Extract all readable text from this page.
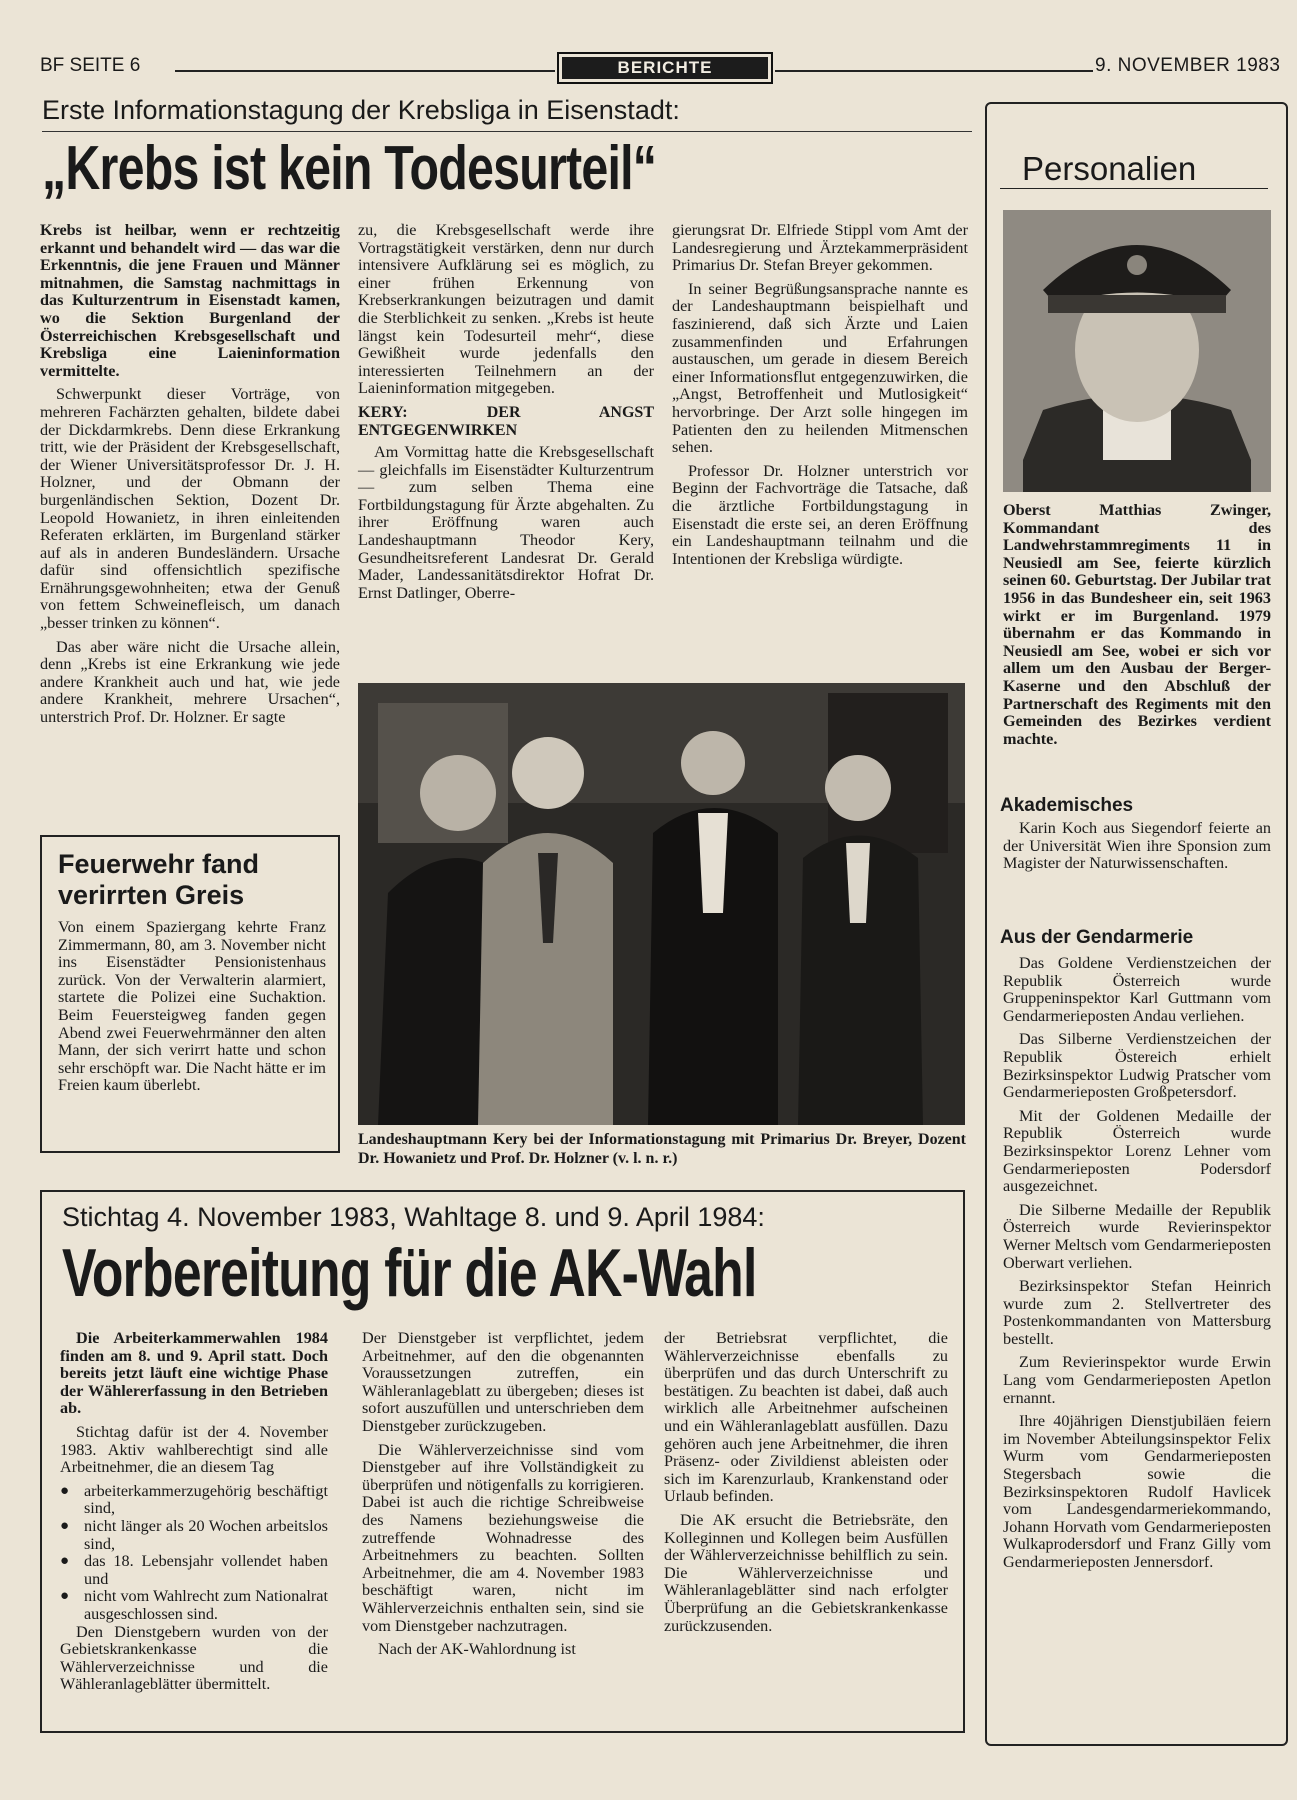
BF SEITE 6	BERICHTE	9. NOVEMBER 1983
Erste Informationstagung der Krebsliga in Eisenstadt:
„Krebs ist kein Todesurteil“

Krebs ist heilbar, wenn er rechtzeitig erkannt und behandelt wird — das war die Erkenntnis, die jene Frauen und Männer mitnahmen, die Samstag nachmittags in das Kulturzentrum in Eisenstadt kamen, wo die Sektion Burgenland der Österreichischen Krebsgesellschaft und Krebsliga eine Laieninformation vermittelte.

Schwerpunkt dieser Vorträge, von mehreren Fachärzten gehalten, bildete dabei der Dickdarmkrebs. Denn diese Erkrankung tritt, wie der Präsident der Krebsgesellschaft, der Wiener Universitätsprofessor Dr. J. H. Holzner, und der Obmann der burgenländischen Sektion, Dozent Dr. Leopold Howanietz, in ihren einleitenden Referaten erklärten, im Burgenland stärker auf als in anderen Bundesländern. Ursache dafür sind offensichtlich spezifische Ernährungsgewohnheiten; etwa der Genuß von fettem Schweinefleisch, um danach „besser trinken zu können“.

Das aber wäre nicht die Ursache allein, denn „Krebs ist eine Erkrankung wie jede andere Krankheit auch und hat, wie jede andere Krankheit, mehrere Ursachen“, unterstrich Prof. Dr. Holzner. Er sagte

zu, die Krebsgesellschaft werde ihre Vortragstätigkeit verstärken, denn nur durch intensivere Aufklärung sei es möglich, zu einer frühen Erkennung von Krebserkrankungen beizutragen und damit die Sterblichkeit zu senken. „Krebs ist heute längst kein Todesurteil mehr“, diese Gewißheit wurde jedenfalls den interessierten Teilnehmern an der Laieninformation mitgegeben.

KERY: DER ANGST ENTGEGENWIRKEN

Am Vormittag hatte die Krebsgesellschaft — gleichfalls im Eisenstädter Kulturzentrum — zum selben Thema eine Fortbildungstagung für Ärzte abgehalten. Zu ihrer Eröffnung waren auch Landeshauptmann Theodor Kery, Gesundheitsreferent Landesrat Dr. Gerald Mader, Landessanitätsdirektor Hofrat Dr. Ernst Datlinger, Oberre-

gierungsrat Dr. Elfriede Stippl vom Amt der Landesregierung und Ärztekammerpräsident Primarius Dr. Stefan Breyer gekommen.

In seiner Begrüßungsansprache nannte es der Landeshauptmann beispielhaft und faszinierend, daß sich Ärzte und Laien zusammenfinden und Erfahrungen austauschen, um gerade in diesem Bereich einer Informationsflut entgegenzuwirken, die „Angst, Betroffenheit und Mutlosigkeit“ hervorbringe. Der Arzt solle hingegen im Patienten den zu heilenden Mitmenschen sehen.

Professor Dr. Holzner unterstrich vor Beginn der Fachvorträge die Tatsache, daß die ärztliche Fortbildungstagung in Eisenstadt die erste sei, an deren Eröffnung ein Landeshauptmann teilnahm und die Intentionen der Krebsliga würdigte.

Feuerwehr fand verirrten Greis
Von einem Spaziergang kehrte Franz Zimmermann, 80, am 3. November nicht ins Eisenstädter Pensionistenhaus zurück. Von der Verwalterin alarmiert, startete die Polizei eine Suchaktion. Beim Feuersteigweg fanden gegen Abend zwei Feuerwehrmänner den alten Mann, der sich verirrt hatte und schon sehr erschöpft war. Die Nacht hätte er im Freien kaum überlebt.
Landeshauptmann Kery bei der Informationstagung mit Primarius Dr. Breyer, Dozent Dr. Howanietz und Prof. Dr. Holzner (v. l. n. r.)
Stichtag 4. November 1983, Wahltage 8. und 9. April 1984:
Vorbereitung für die AK-Wahl

Die Arbeiterkammerwahlen 1984 finden am 8. und 9. April statt. Doch bereits jetzt läuft eine wichtige Phase der Wählererfassung in den Betrieben ab.

Stichtag dafür ist der 4. November 1983. Aktiv wahlberechtigt sind alle Arbeitnehmer, die an diesem Tag

● arbeiterkammerzugehörig beschäftigt sind,
● nicht länger als 20 Wochen arbeitslos sind,
● das 18. Lebensjahr vollendet haben und
● nicht vom Wahlrecht zum Nationalrat ausgeschlossen sind.

Den Dienstgebern wurden von der Gebietskrankenkasse die Wählerverzeichnisse und die Wähleranlageblätter übermittelt.

Der Dienstgeber ist verpflichtet, jedem Arbeitnehmer, auf den die obgenannten Voraussetzungen zutreffen, ein Wähleranlageblatt zu übergeben; dieses ist sofort auszufüllen und unterschrieben dem Dienstgeber zurückzugeben.

Die Wählerverzeichnisse sind vom Dienstgeber auf ihre Vollständigkeit zu überprüfen und nötigenfalls zu korrigieren. Dabei ist auch die richtige Schreibweise des Namens beziehungsweise die zutreffende Wohnadresse des Arbeitnehmers zu beachten. Sollten Arbeitnehmer, die am 4. November 1983 beschäftigt waren, nicht im Wählerverzeichnis enthalten sein, sind sie vom Dienstgeber nachzutragen.

Nach der AK-Wahlordnung ist

der Betriebsrat verpflichtet, die Wählerverzeichnisse ebenfalls zu überprüfen und das durch Unterschrift zu bestätigen. Zu beachten ist dabei, daß auch wirklich alle Arbeitnehmer aufscheinen und ein Wähleranlageblatt ausfüllen. Dazu gehören auch jene Arbeitnehmer, die ihren Präsenz- oder Zivildienst ableisten oder sich im Karenzurlaub, Krankenstand oder Urlaub befinden.

Die AK ersucht die Betriebsräte, den Kolleginnen und Kollegen beim Ausfüllen der Wählerverzeichnisse behilflich zu sein. Die Wählerverzeichnisse und Wähleranlageblätter sind nach erfolgter Überprüfung an die Gebietskrankenkasse zurückzusenden.

Personalien

Oberst Matthias Zwinger, Kommandant des Landwehrstammregiments 11 in Neusiedl am See, feierte kürzlich seinen 60. Geburtstag. Der Jubilar trat 1956 in das Bundesheer ein, seit 1963 wirkt er im Burgenland. 1979 übernahm er das Kommando in Neusiedl am See, wobei er sich vor allem um den Ausbau der Berger-Kaserne und den Abschluß der Partnerschaft des Regiments mit den Gemeinden des Bezirkes verdient machte.

Akademisches

Karin Koch aus Siegendorf feierte an der Universität Wien ihre Sponsion zum Magister der Naturwissenschaften.

Aus der Gendarmerie

Das Goldene Verdienstzeichen der Republik Österreich wurde Gruppeninspektor Karl Guttmann vom Gendarmerieposten Andau verliehen.

Das Silberne Verdienstzeichen der Republik Östereich erhielt Bezirksinspektor Ludwig Pratscher vom Gendarmerieposten Großpetersdorf.

Mit der Goldenen Medaille der Republik Österreich wurde Bezirksinspektor Lorenz Lehner vom Gendarmerieposten Podersdorf ausgezeichnet.

Die Silberne Medaille der Republik Österreich wurde Revierinspektor Werner Meltsch vom Gendarmerieposten Oberwart verliehen.

Bezirksinspektor Stefan Heinrich wurde zum 2. Stellvertreter des Postenkommandanten von Mattersburg bestellt.

Zum Revierinspektor wurde Erwin Lang vom Gendarmerieposten Apetlon ernannt.

Ihre 40jährigen Dienstjubiläen feiern im November Abteilungsinspektor Felix Wurm vom Gendarmerieposten Stegersbach sowie die Bezirksinspektoren Rudolf Havlicek vom Landesgendarmeriekommando, Johann Horvath vom Gendarmerieposten Wulkaprodersdorf und Franz Gilly vom Gendarmerieposten Jennersdorf.
